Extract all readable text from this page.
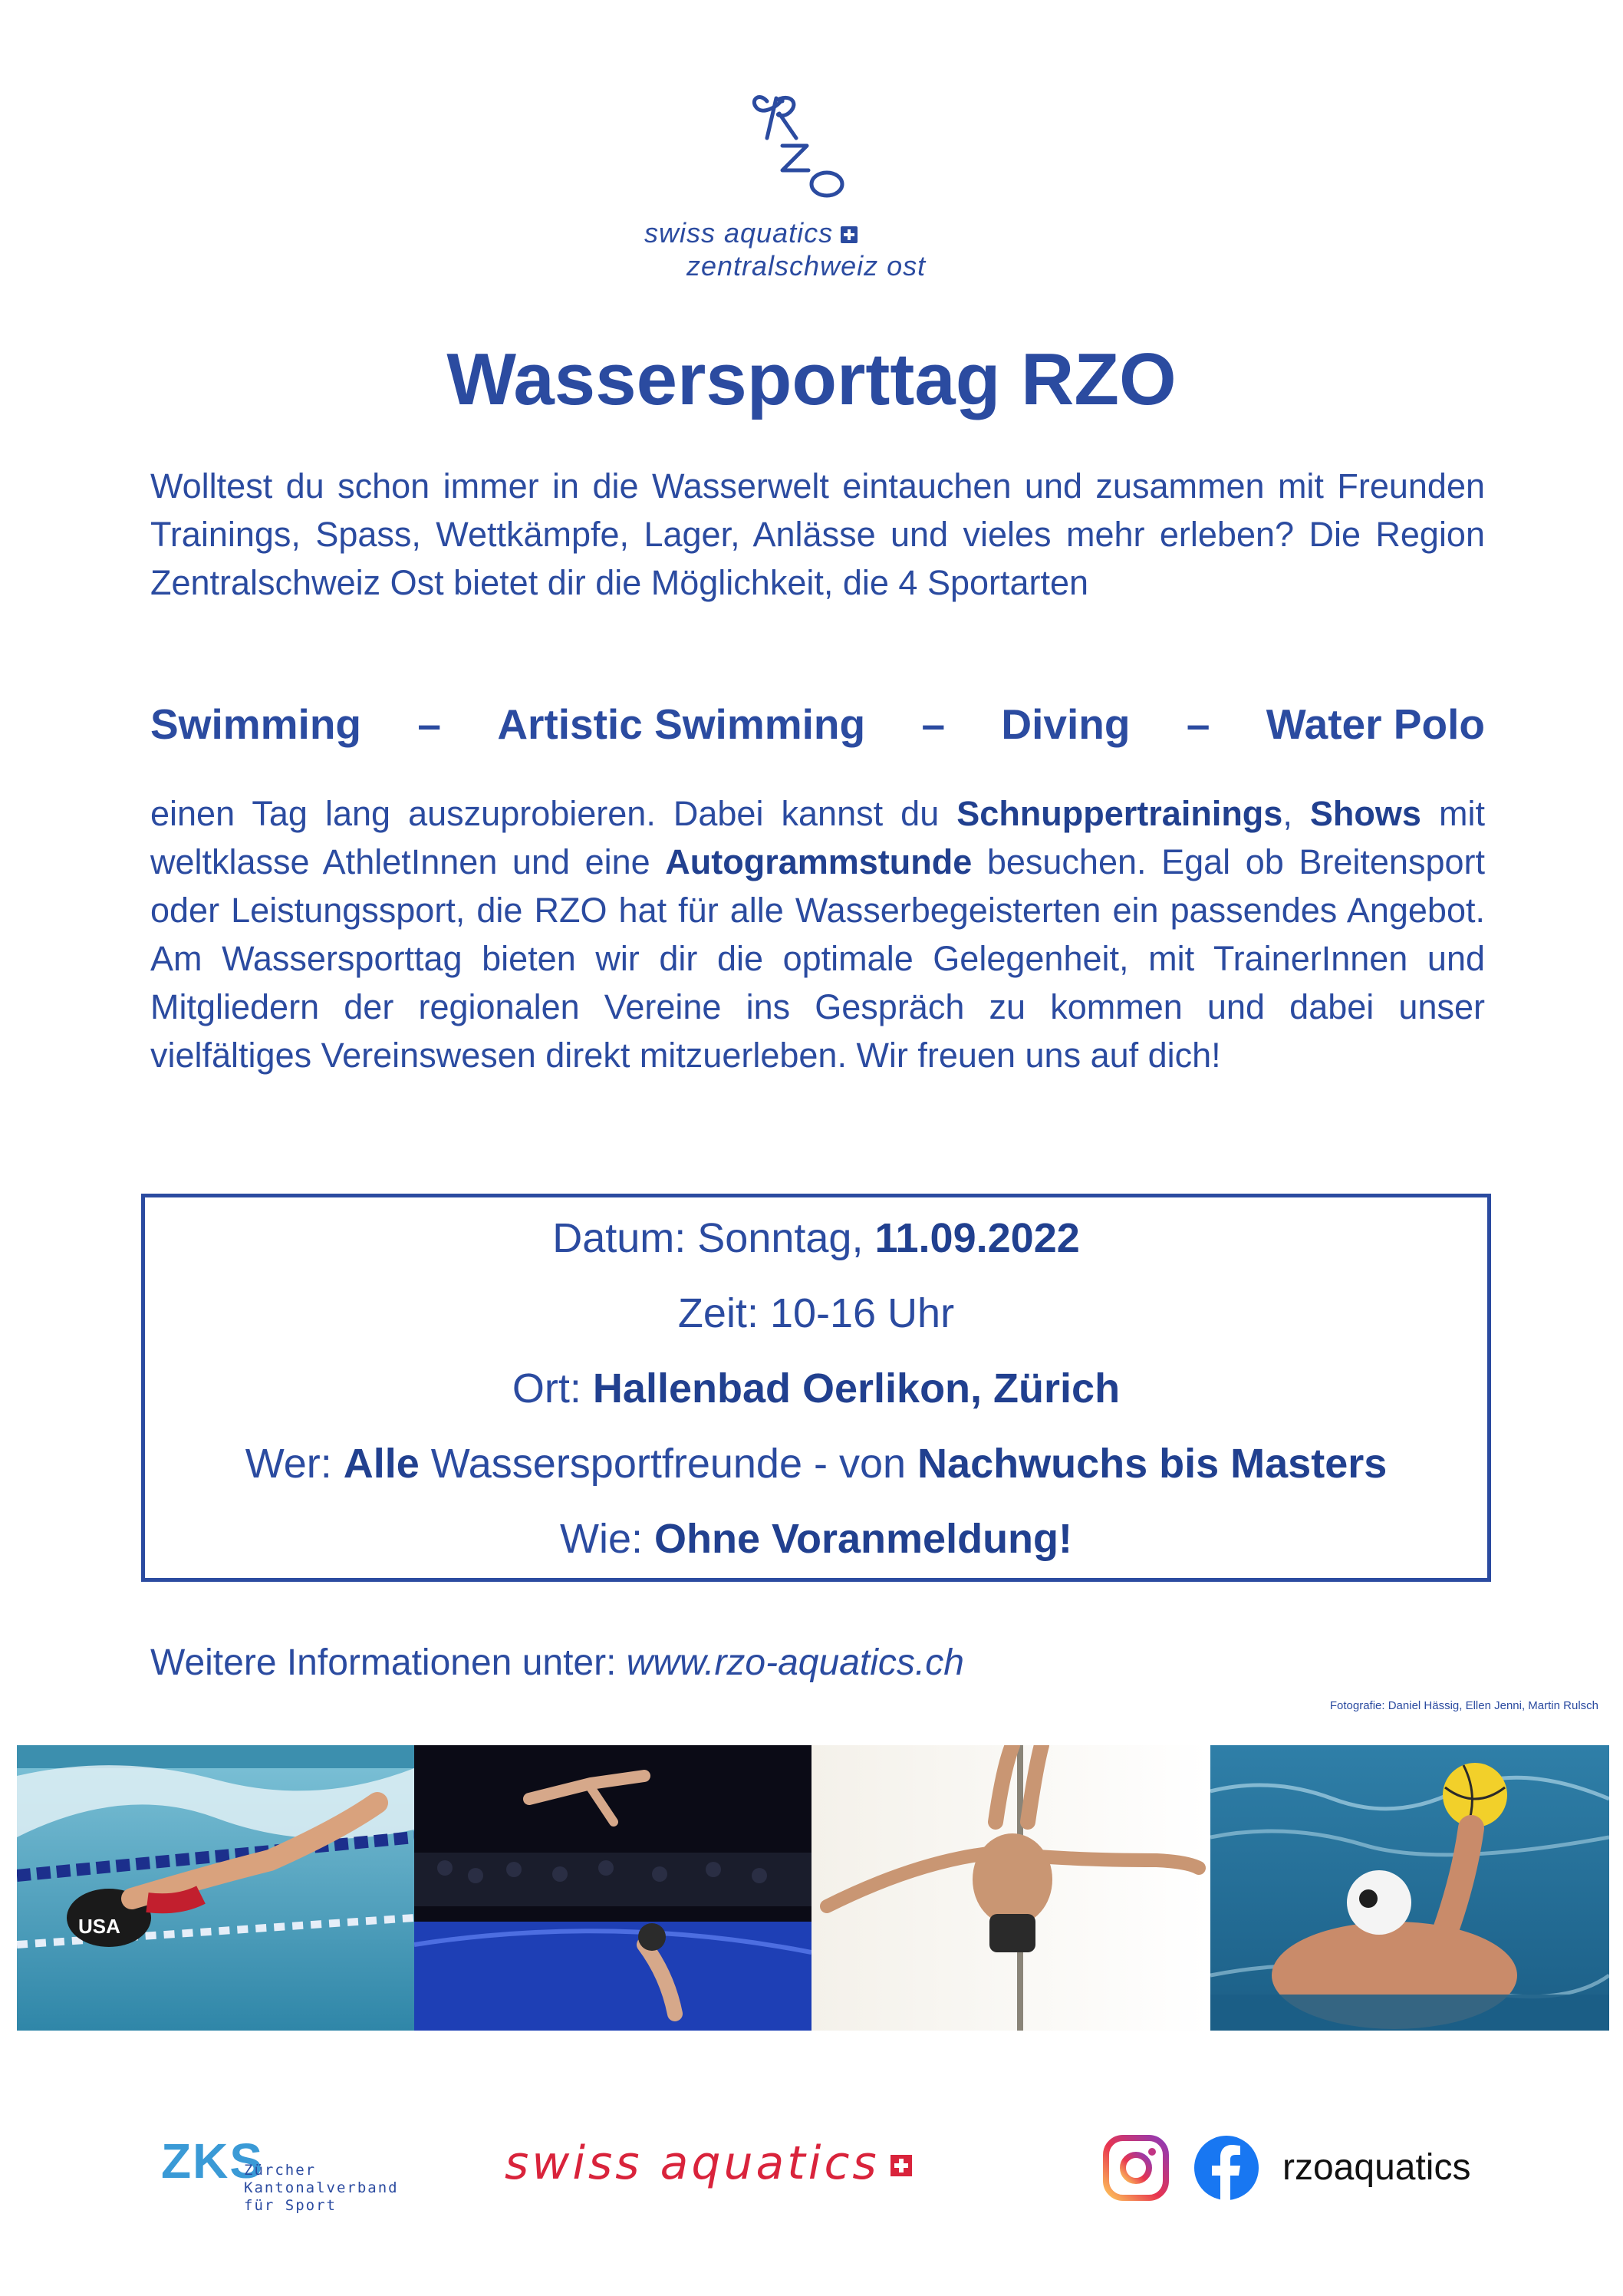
swiss aquatics
zentralschweiz ost
Wassersporttag RZO
Wolltest du schon immer in die Wasserwelt eintauchen und zusammen mit Freunden Trainings, Spass, Wettkämpfe, Lager, Anlässe und vieles mehr erleben? Die Region Zentralschweiz Ost bietet dir die Möglichkeit, die 4 Sportarten
Swimming – Artistic Swimming – Diving – Water Polo
einen Tag lang auszuprobieren. Dabei kannst du Schnuppertrainings, Shows mit weltklasse AthletInnen und eine Autogrammstunde besuchen. Egal ob Breitensport oder Leistungssport, die RZO hat für alle Wasserbegeisterten ein passendes Angebot. Am Wassersporttag bieten wir dir die optimale Gelegenheit, mit TrainerInnen und Mitgliedern der regionalen Vereine ins Gespräch zu kommen und dabei unser vielfältiges Vereinswesen direkt mitzuerleben. Wir freuen uns auf dich!
Datum: Sonntag, 11.09.2022
Zeit: 10-16 Uhr
Ort: Hallenbad Oerlikon, Zürich
Wer: Alle Wassersportfreunde - von Nachwuchs bis Masters
Wie: Ohne Voranmeldung!
Weitere Informationen unter: www.rzo-aquatics.ch
Fotografie: Daniel Hässig, Ellen Jenni, Martin Rulsch
USA
ZKS
Zürcher
Kantonalverband
für Sport
swiss aquatics	rzoaquatics
